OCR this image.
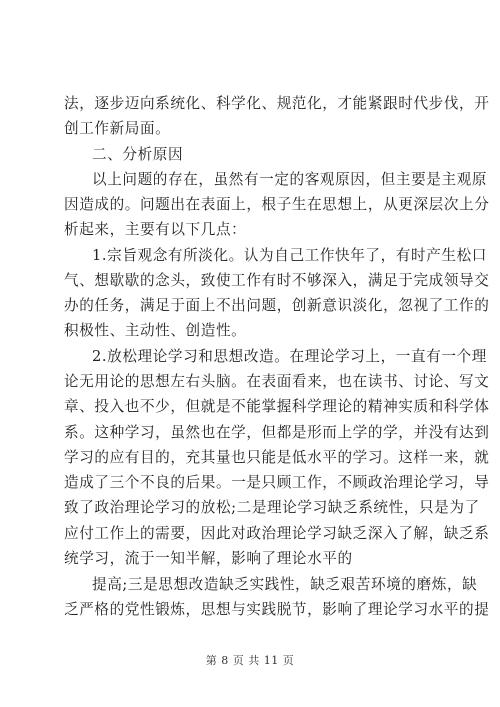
法，逐步迈向系统化、科学化、规范化，才能紧跟时代步伐，开
创工作新局面。
二、分析原因
以上问题的存在，虽然有一定的客观原因，但主要是主观原
因造成的。问题出在表面上，根子生在思想上，从更深层次上分
析起来，主要有以下几点：
1.宗旨观念有所淡化。认为自己工作快年了，有时产生松口
气、想歇歇的念头，致使工作有时不够深入，满足于完成领导交
办的任务，满足于面上不出问题，创新意识淡化，忽视了工作的
积极性、主动性、创造性。
2.放松理论学习和思想改造。在理论学习上，一直有一个理
论无用论的思想左右头脑。在表面看来，也在读书、讨论、写文
章、投入也不少，但就是不能掌握科学理论的精神实质和科学体
系。这种学习，虽然也在学，但都是形而上学的学，并没有达到
学习的应有目的，充其量也只能是低水平的学习。这样一来，就
造成了三个不良的后果。一是只顾工作，不顾政治理论学习，导
致了政治理论学习的放松;二是理论学习缺乏系统性，只是为了
应付工作上的需要，因此对政治理论学习缺乏深入了解，缺乏系
统学习，流于一知半解，影响了理论水平的
提高;三是思想改造缺乏实践性，缺乏艰苦环境的磨炼，缺
乏严格的党性锻炼，思想与实践脱节，影响了理论学习水平的提
第 8 页 共 11 页
